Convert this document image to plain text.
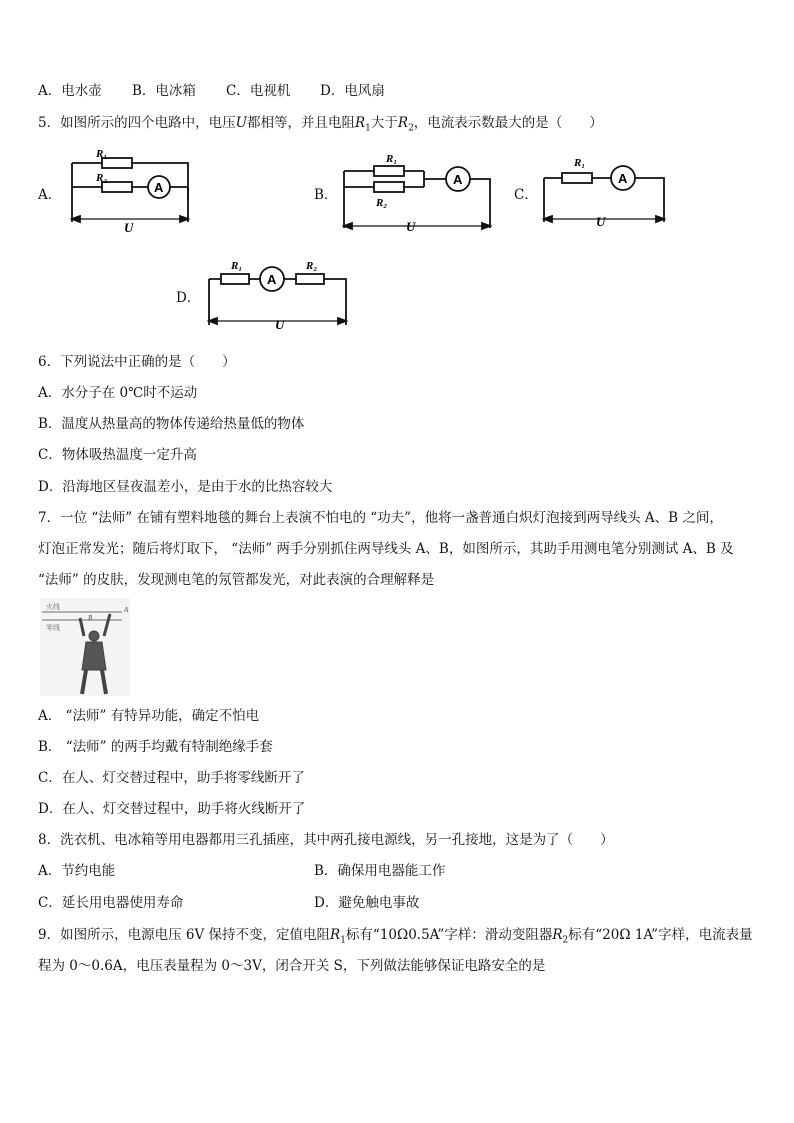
A．电水壶 B．电冰箱 C．电视机 D．电风扇
5．如图所示的四个电路中，电压U都相等，并且电阻$R_1$大于$R_2$，电流表示数最大的是（　　）
A．	B．	C．
D．
R₁
R₂
A
U
R₁
R₂
A
U
R₁
A
U
R₁
A
R₂
U
6．下列说法中正确的是（　　）
A．水分子在 0℃时不运动
B．温度从热量高的物体传递给热量低的物体
C．物体吸热温度一定升高
D．沿海地区昼夜温差小，是由于水的比热容较大
7．一位 “法师” 在铺有塑料地毯的舞台上表演不怕电的 “功夫”，他将一盏普通白炽灯泡接到两导线头 A、B 之间，
灯泡正常发光；随后将灯取下， “法师” 两手分别抓住两导线头 A、B，如图所示，其助手用测电笔分别测试 A、B 及
“法师” 的皮肤，发现测电笔的氖管都发光，对此表演的合理解释是
火线
零线
A
B
A． “法师” 有特异功能，确定不怕电
B． “法师” 的两手均戴有特制绝缘手套
C．在人、灯交替过程中，助手将零线断开了
D．在人、灯交替过程中，助手将火线断开了
8．洗衣机、电冰箱等用电器都用三孔插座，其中两孔接电源线，另一孔接地，这是为了（　　）
A．节约电能	B．确保用电器能工作
C．延长用电器使用寿命	D．避免触电事故
9．如图所示，电源电压 6V 保持不变，定值电阻$R_1$标有“10Ω0.5A”字样：滑动变阻器$R_2$标有“20Ω 1A”字样，电流表量
程为 0～0.6A，电压表量程为 0～3V，闭合开关 S，下列做法能够保证电路安全的是
